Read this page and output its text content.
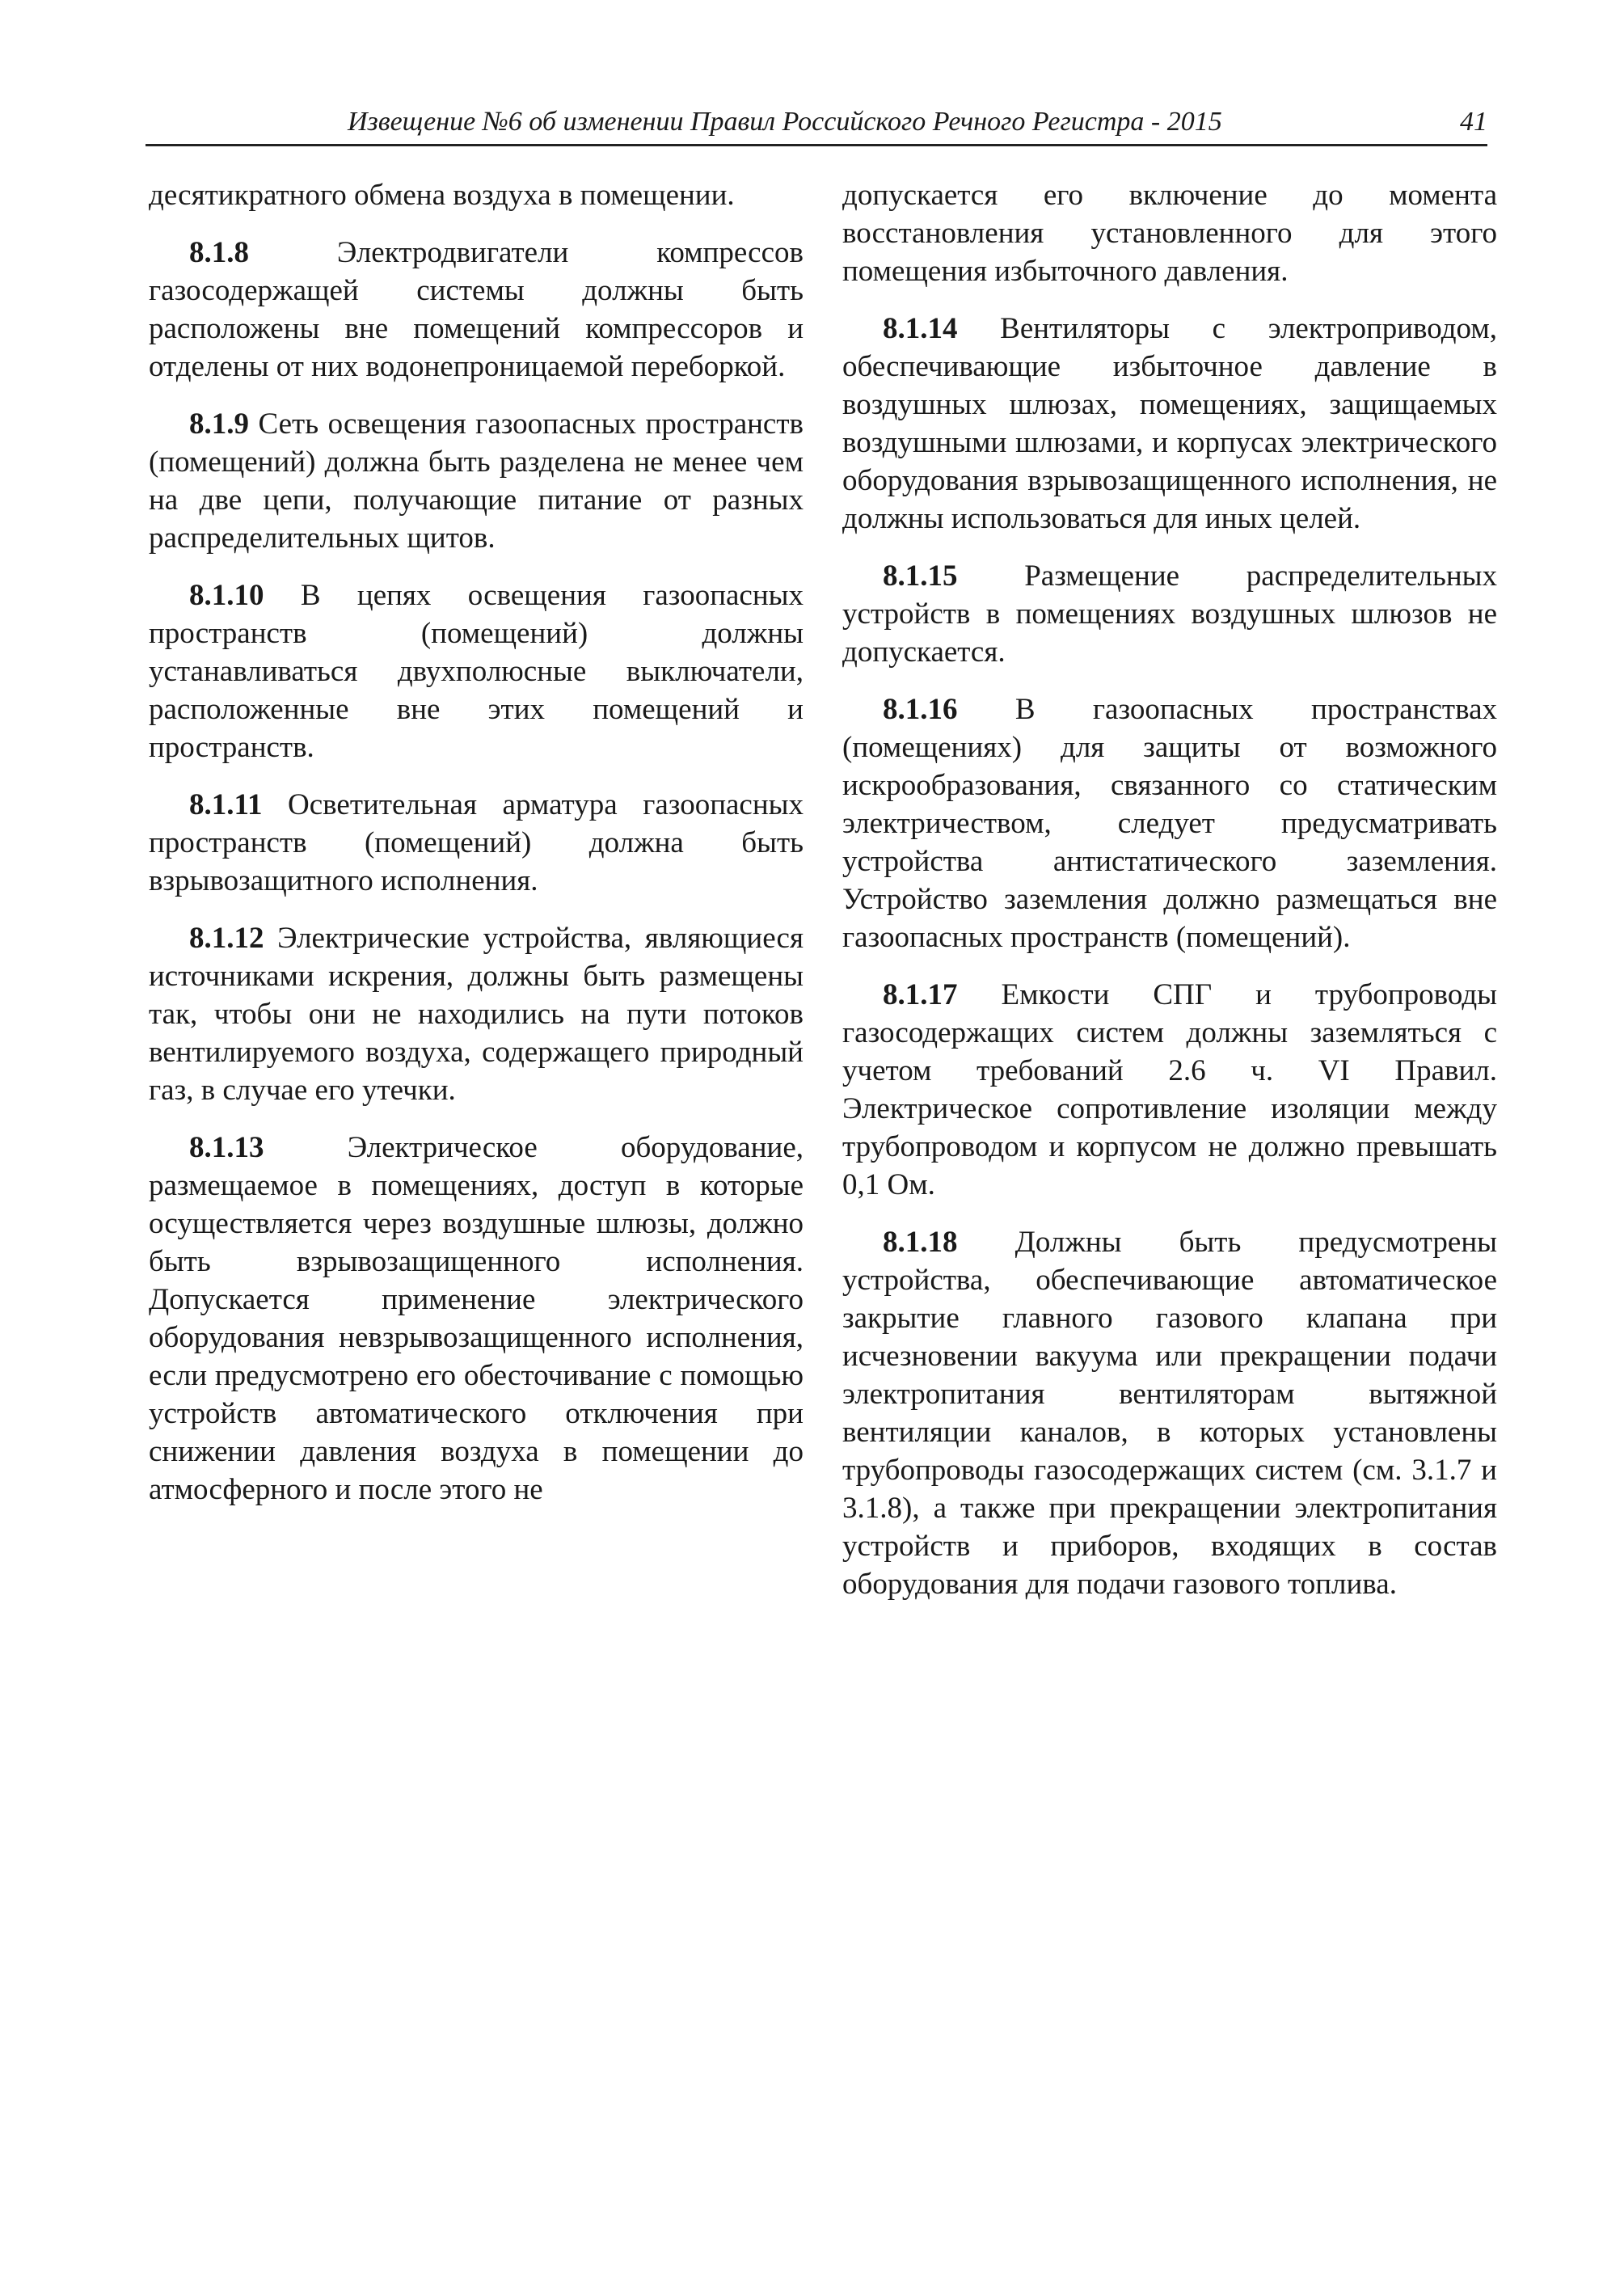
Извещение №6 об изменении Правил Российского Речного Регистра - 2015	41

десятикратного обмена воздуха в помещении.

8.1.8	Электродвигатели компрессов газосодержащей системы должны быть расположены вне помещений компрессоров и отделены от них водонепроницаемой переборкой.

8.1.9 Сеть освещения газоопасных пространств (помещений) должна быть разделена не менее чем на две цепи, получающие питание от разных распределительных щитов.

8.1.10 В цепях освещения газоопасных пространств (помещений) должны устанавливаться двухполюсные выключатели, расположенные вне этих помещений и пространств.

8.1.11 Осветительная арматура газоопасных пространств (помещений) должна быть взрывозащитного исполнения.

8.1.12 Электрические устройства, являющиеся источниками искрения, должны быть размещены так, чтобы они не находились на пути потоков вентилируемого воздуха, содержащего природный газ, в случае его утечки.

8.1.13	Электрическое оборудование, размещаемое в помещениях, доступ в которые осуществляется через воздушные шлюзы, должно быть взрывозащищенного исполнения. Допускается применение электрического оборудования невзрывозащищенного исполнения, если предусмотрено его обесточивание с помощью устройств автоматического отключения при снижении давления воздуха в помещении до атмосферного и после этого не

допускается его включение до момента восстановления установленного для этого помещения избыточного давления.

8.1.14 Вентиляторы с электроприводом, обеспечивающие избыточное давление в воздушных шлюзах, помещениях, защищаемых воздушными шлюзами, и корпусах электрического оборудования взрывозащищенного исполнения, не должны использоваться для иных целей.

8.1.15 Размещение распределительных устройств в помещениях воздушных шлюзов не допускается.

8.1.16 В газоопасных пространствах (помещениях) для защиты от возможного искрообразования, связанного со статическим электричеством, следует предусматривать устройства антистатического заземления. Устройство заземления должно размещаться вне газоопасных пространств (помещений).

8.1.17 Емкости СПГ и трубопроводы газосодержащих систем должны заземляться с учетом требований 2.6 ч. VI Правил. Электрическое сопротивление изоляции между трубопроводом и корпусом не должно превышать 0,1 Ом.

8.1.18 Должны быть предусмотрены устройства, обеспечивающие автоматическое закрытие главного газового клапана при исчезновении вакуума или прекращении подачи электропитания вентиляторам вытяжной вентиляции каналов, в которых установлены трубопроводы газосодержащих систем (см. 3.1.7 и 3.1.8), а также при прекращении электропитания устройств и приборов, входящих в состав оборудования для подачи газового топлива.
